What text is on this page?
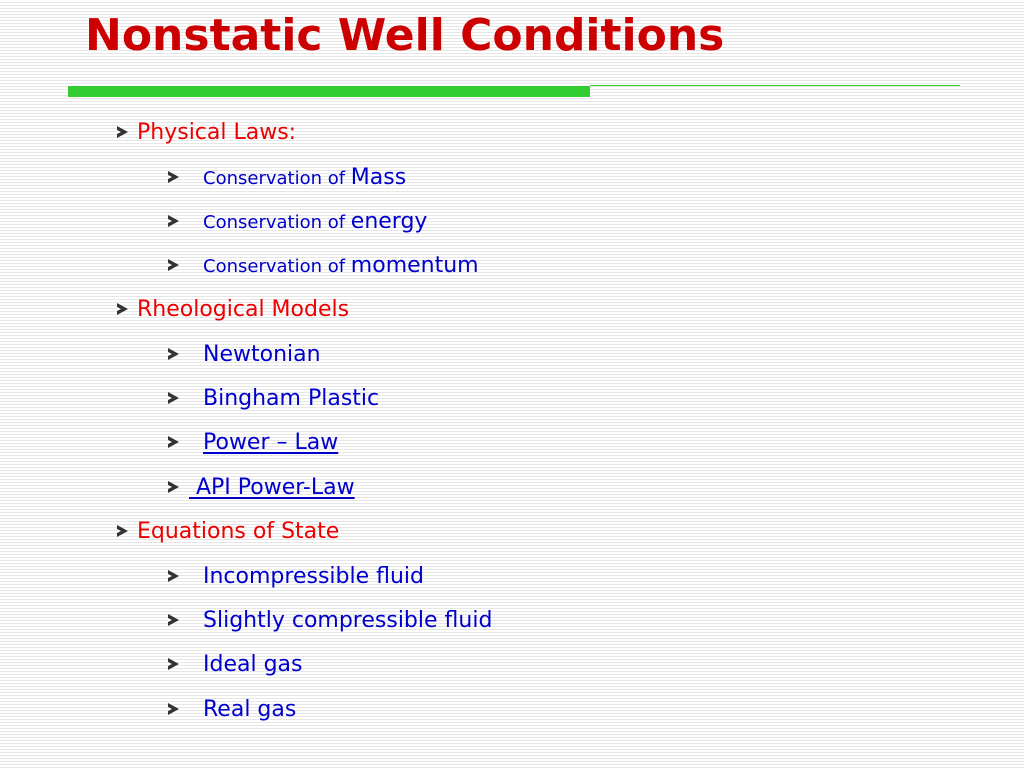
Nonstatic Well Conditions
Physical Laws:
Conservation of Mass
Conservation of energy
Conservation of momentum
Rheological Models
Newtonian
Bingham Plastic
Power – Law
API Power-Law
Equations of State
Incompressible fluid
Slightly compressible fluid
Ideal gas
Real gas
